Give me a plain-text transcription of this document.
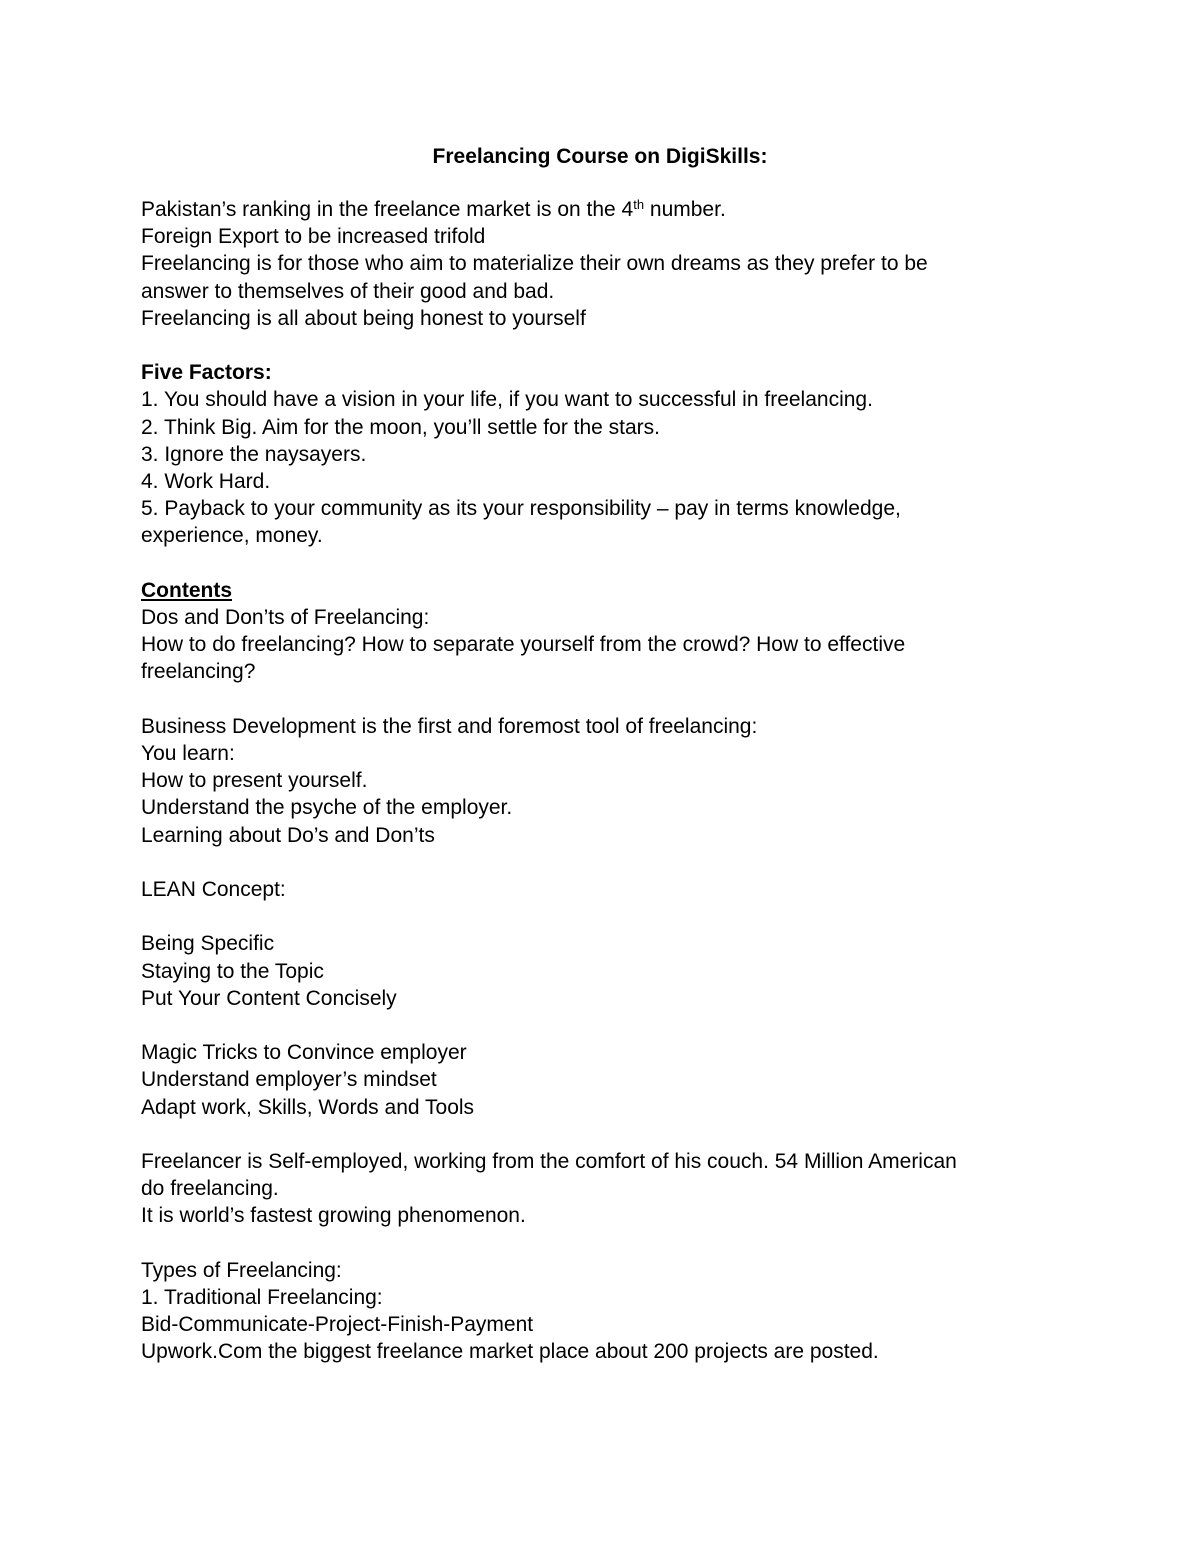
Freelancing Course on DigiSkills:
Pakistan’s ranking in the freelance market is on the 4th number.
Foreign Export to be increased trifold
Freelancing is for those who aim to materialize their own dreams as they prefer to be
answer to themselves of their good and bad.
Freelancing is all about being honest to yourself
Five Factors:
1. You should have a vision in your life, if you want to successful in freelancing.
2. Think Big. Aim for the moon, you’ll settle for the stars.
3. Ignore the naysayers.
4. Work Hard.
5. Payback to your community as its your responsibility – pay in terms knowledge,
experience, money.
Contents
Dos and Don’ts of Freelancing:
How to do freelancing? How to separate yourself from the crowd? How to effective
freelancing?
Business Development is the first and foremost tool of freelancing:
You learn:
How to present yourself.
Understand the psyche of the employer.
Learning about Do’s and Don’ts
LEAN Concept:
Being Specific
Staying to the Topic
Put Your Content Concisely
Magic Tricks to Convince employer
Understand employer’s mindset
Adapt work, Skills, Words and Tools
Freelancer is Self-employed, working from the comfort of his couch. 54 Million American
do freelancing.
It is world’s fastest growing phenomenon.
Types of Freelancing:
1. Traditional Freelancing:
Bid-Communicate-Project-Finish-Payment
Upwork.Com the biggest freelance market place about 200 projects are posted.
